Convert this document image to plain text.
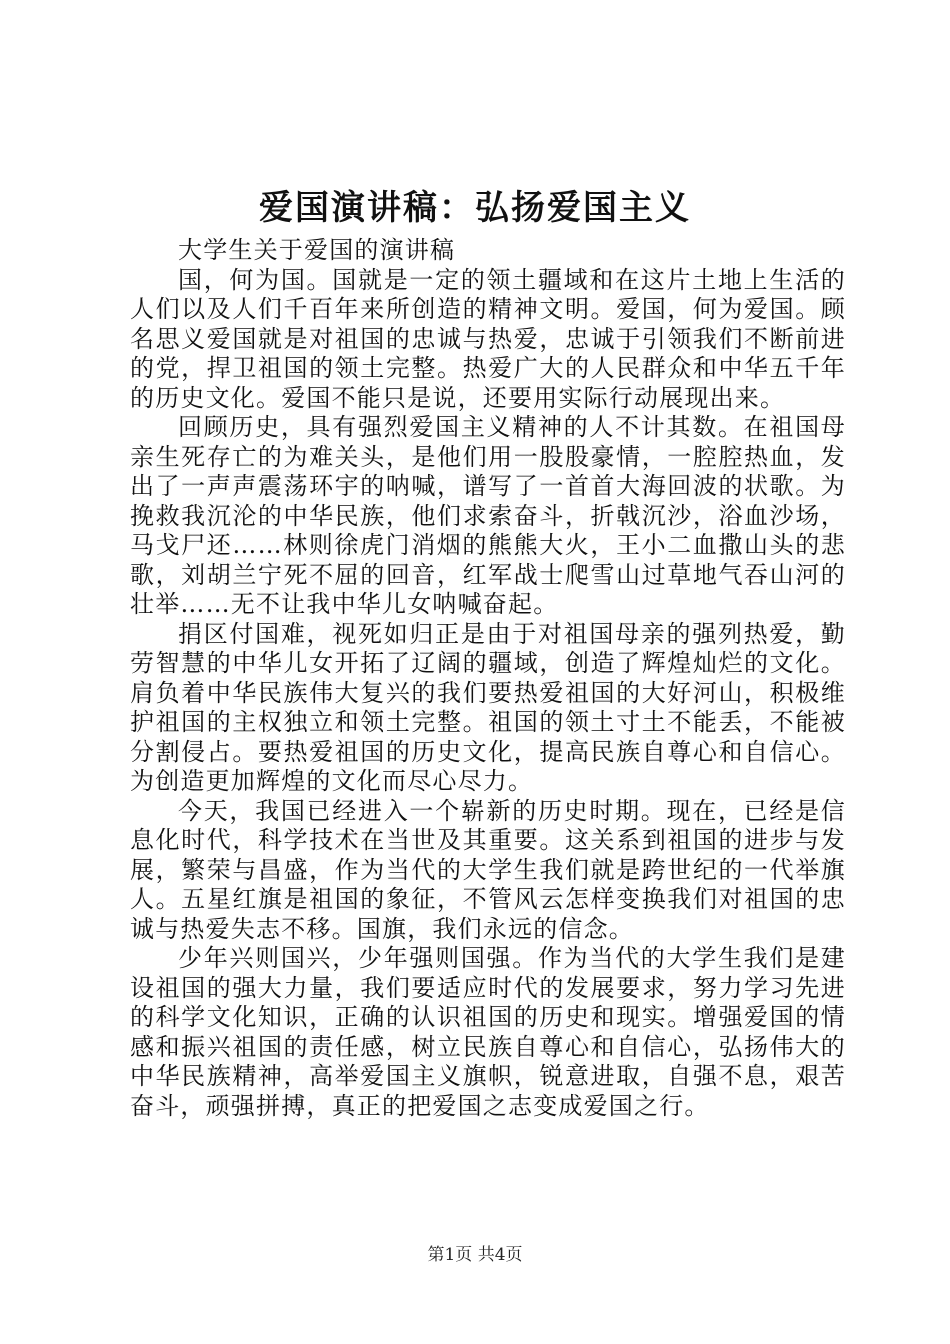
爱国演讲稿：弘扬爱国主义

大学生关于爱国的演讲稿

国，何为国。国就是一定的领土疆域和在这片土地上生活的人们以及人们千百年来所创造的精神文明。爱国，何为爱国。顾名思义爱国就是对祖国的忠诚与热爱，忠诚于引领我们不断前进的党，捍卫祖国的领土完整。热爱广大的人民群众和中华五千年的历史文化。爱国不能只是说，还要用实际行动展现出来。

回顾历史，具有强烈爱国主义精神的人不计其数。在祖国母亲生死存亡的为难关头，是他们用一股股豪情，一腔腔热血，发出了一声声震荡环宇的呐喊，谱写了一首首大海回波的状歌。为挽救我沉沦的中华民族，他们求索奋斗，折戟沉沙，浴血沙场，马戈尸还……林则徐虎门消烟的熊熊大火，王小二血撒山头的悲歌，刘胡兰宁死不屈的回音，红军战士爬雪山过草地气吞山河的壮举……无不让我中华儿女呐喊奋起。

捐区付国难，视死如归正是由于对祖国母亲的强列热爱，勤劳智慧的中华儿女开拓了辽阔的疆域，创造了辉煌灿烂的文化。肩负着中华民族伟大复兴的我们要热爱祖国的大好河山，积极维护祖国的主权独立和领土完整。祖国的领土寸土不能丢，不能被分割侵占。要热爱祖国的历史文化，提高民族自尊心和自信心。为创造更加辉煌的文化而尽心尽力。

今天，我国已经进入一个崭新的历史时期。现在，已经是信息化时代，科学技术在当世及其重要。这关系到祖国的进步与发展，繁荣与昌盛，作为当代的大学生我们就是跨世纪的一代举旗人。五星红旗是祖国的象征，不管风云怎样变换我们对祖国的忠诚与热爱失志不移。国旗，我们永远的信念。

少年兴则国兴，少年强则国强。作为当代的大学生我们是建设祖国的强大力量，我们要适应时代的发展要求，努力学习先进的科学文化知识，正确的认识祖国的历史和现实。增强爱国的情感和振兴祖国的责任感，树立民族自尊心和自信心，弘扬伟大的中华民族精神，高举爱国主义旗帜，锐意进取，自强不息，艰苦奋斗，顽强拼搏，真正的把爱国之志变成爱国之行。

第1页 共4页
